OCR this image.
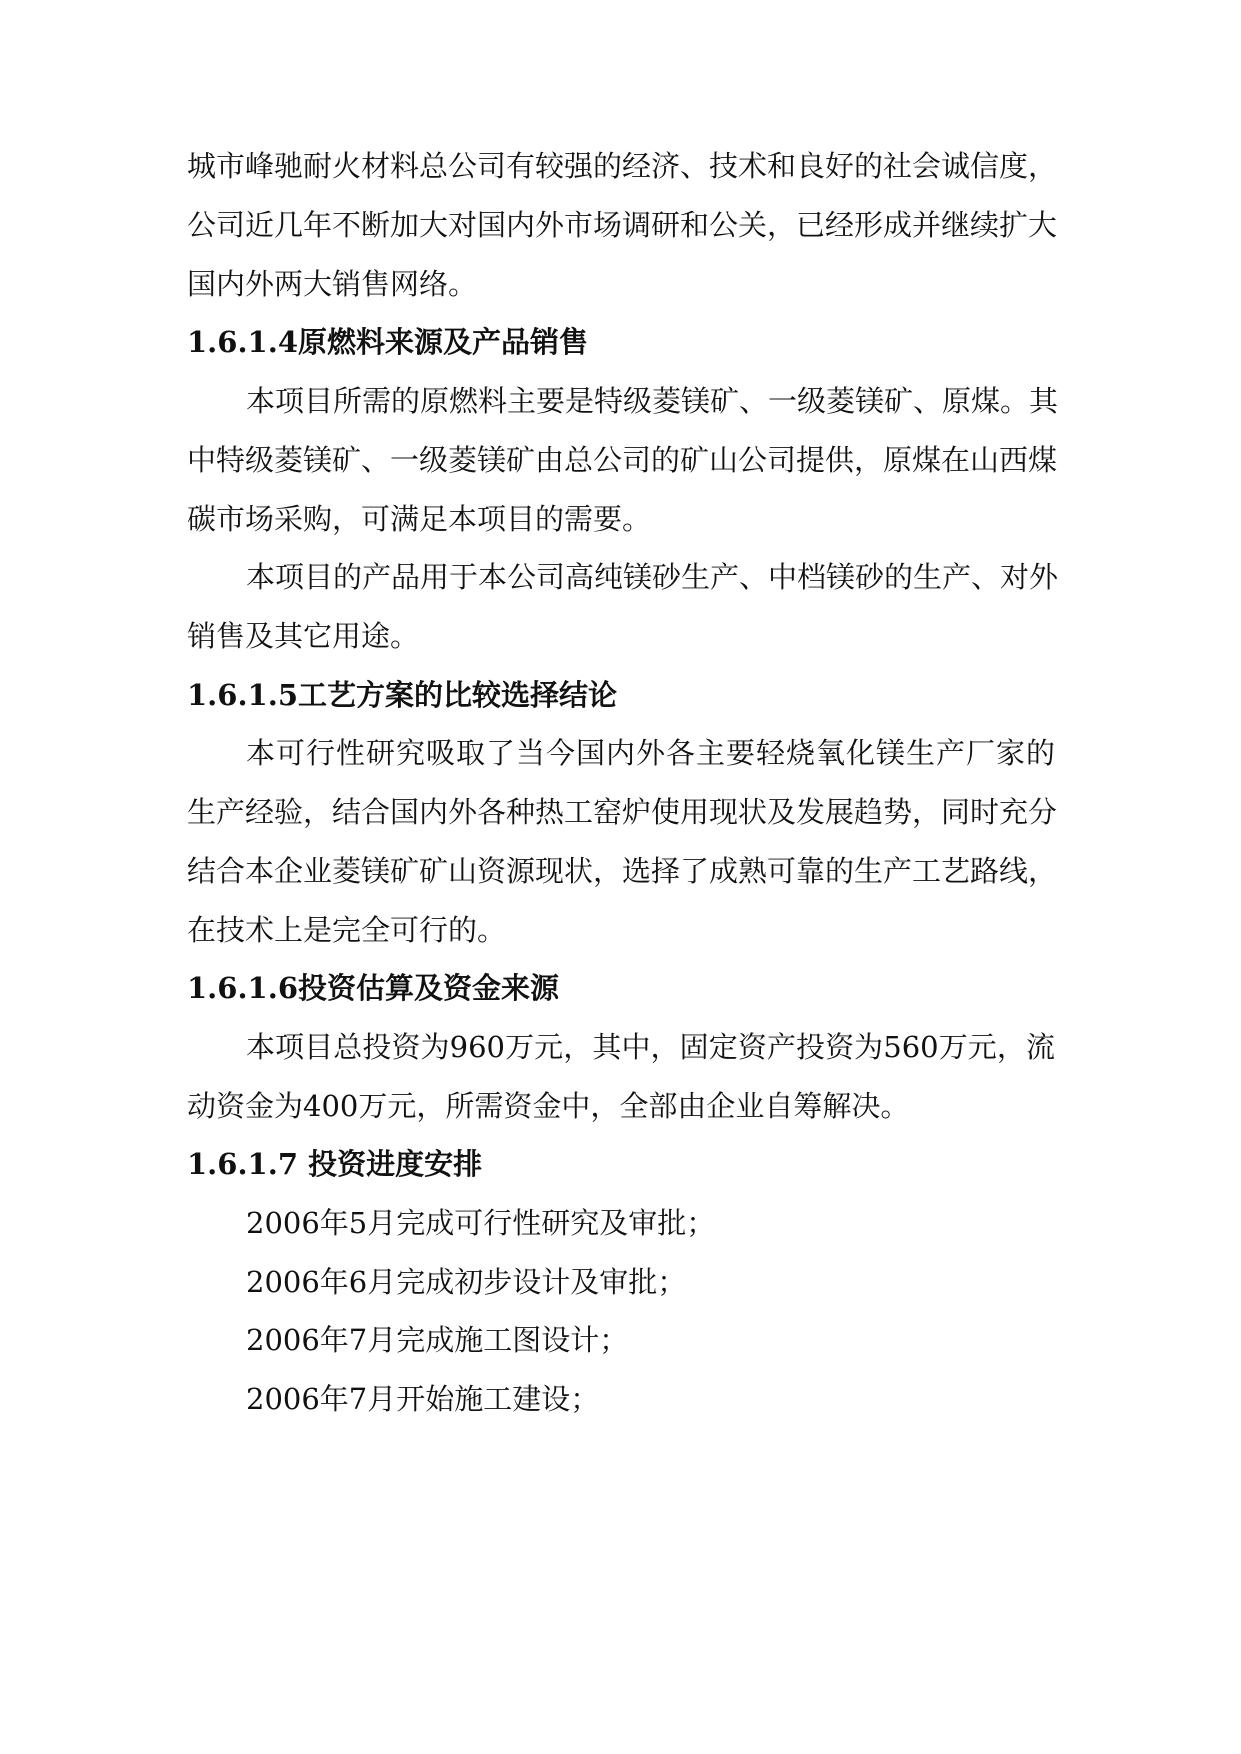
城市峰驰耐火材料总公司有较强的经济、技术和良好的社会诚信度，
公司近几年不断加大对国内外市场调研和公关，已经形成并继续扩大
国内外两大销售网络。
1.6.1.4原燃料来源及产品销售
本项目所需的原燃料主要是特级菱镁矿、一级菱镁矿、原煤。其
中特级菱镁矿、一级菱镁矿由总公司的矿山公司提供，原煤在山西煤
碳市场采购，可满足本项目的需要。
本项目的产品用于本公司高纯镁砂生产、中档镁砂的生产、对外
销售及其它用途。
1.6.1.5工艺方案的比较选择结论
本可行性研究吸取了当今国内外各主要轻烧氧化镁生产厂家的
生产经验，结合国内外各种热工窑炉使用现状及发展趋势，同时充分
结合本企业菱镁矿矿山资源现状，选择了成熟可靠的生产工艺路线，
在技术上是完全可行的。
1.6.1.6投资估算及资金来源
本项目总投资为960万元，其中，固定资产投资为560万元，流
动资金为400万元，所需资金中，全部由企业自筹解决。
1.6.1.7 投资进度安排
2006年5月完成可行性研究及审批；
2006年6月完成初步设计及审批；
2006年7月完成施工图设计；
2006年7月开始施工建设；
